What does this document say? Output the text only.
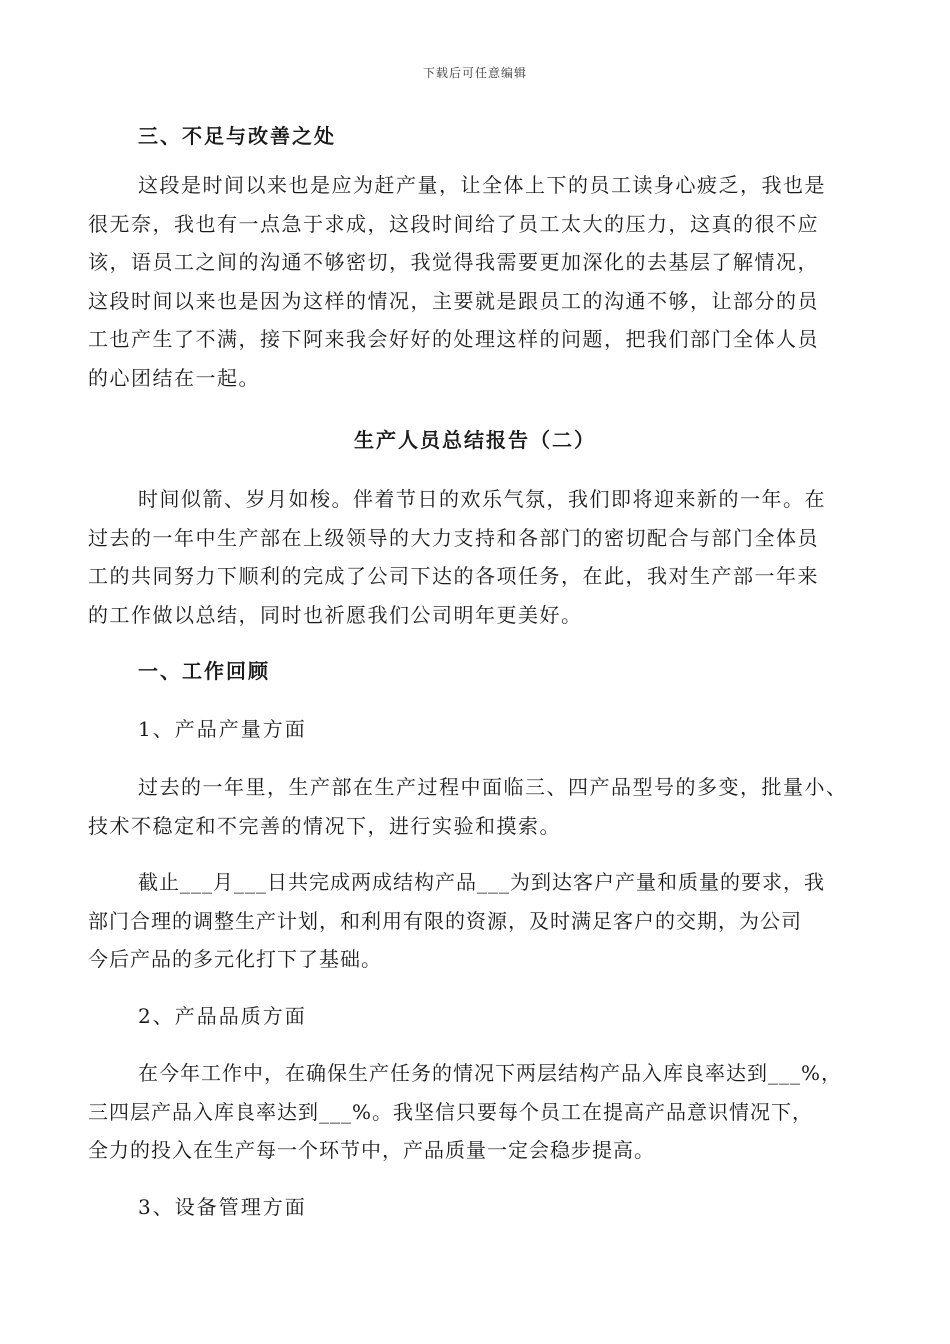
下载后可任意编辑
三、不足与改善之处
这段是时间以来也是应为赶产量，让全体上下的员工读身心疲乏，我也是
很无奈，我也有一点急于求成，这段时间给了员工太大的压力，这真的很不应
该，语员工之间的沟通不够密切，我觉得我需要更加深化的去基层了解情况，
这段时间以来也是因为这样的情况，主要就是跟员工的沟通不够，让部分的员
工也产生了不满，接下阿来我会好好的处理这样的问题，把我们部门全体人员
的心团结在一起。
生产人员总结报告（二）
时间似箭、岁月如梭。伴着节日的欢乐气氛，我们即将迎来新的一年。在
过去的一年中生产部在上级领导的大力支持和各部门的密切配合与部门全体员
工的共同努力下顺利的完成了公司下达的各项任务，在此，我对生产部一年来
的工作做以总结，同时也祈愿我们公司明年更美好。
一、工作回顾
1、产品产量方面
过去的一年里，生产部在生产过程中面临三、四产品型号的多变，批量小、
技术不稳定和不完善的情况下，进行实验和摸索。
截止___月___日共完成两成结构产品___为到达客户产量和质量的要求，我
部门合理的调整生产计划，和利用有限的资源，及时满足客户的交期，为公司
今后产品的多元化打下了基础。
2、产品品质方面
在今年工作中，在确保生产任务的情况下两层结构产品入库良率达到___%，
三四层产品入库良率达到___%。我坚信只要每个员工在提高产品意识情况下，
全力的投入在生产每一个环节中，产品质量一定会稳步提高。
3、设备管理方面
